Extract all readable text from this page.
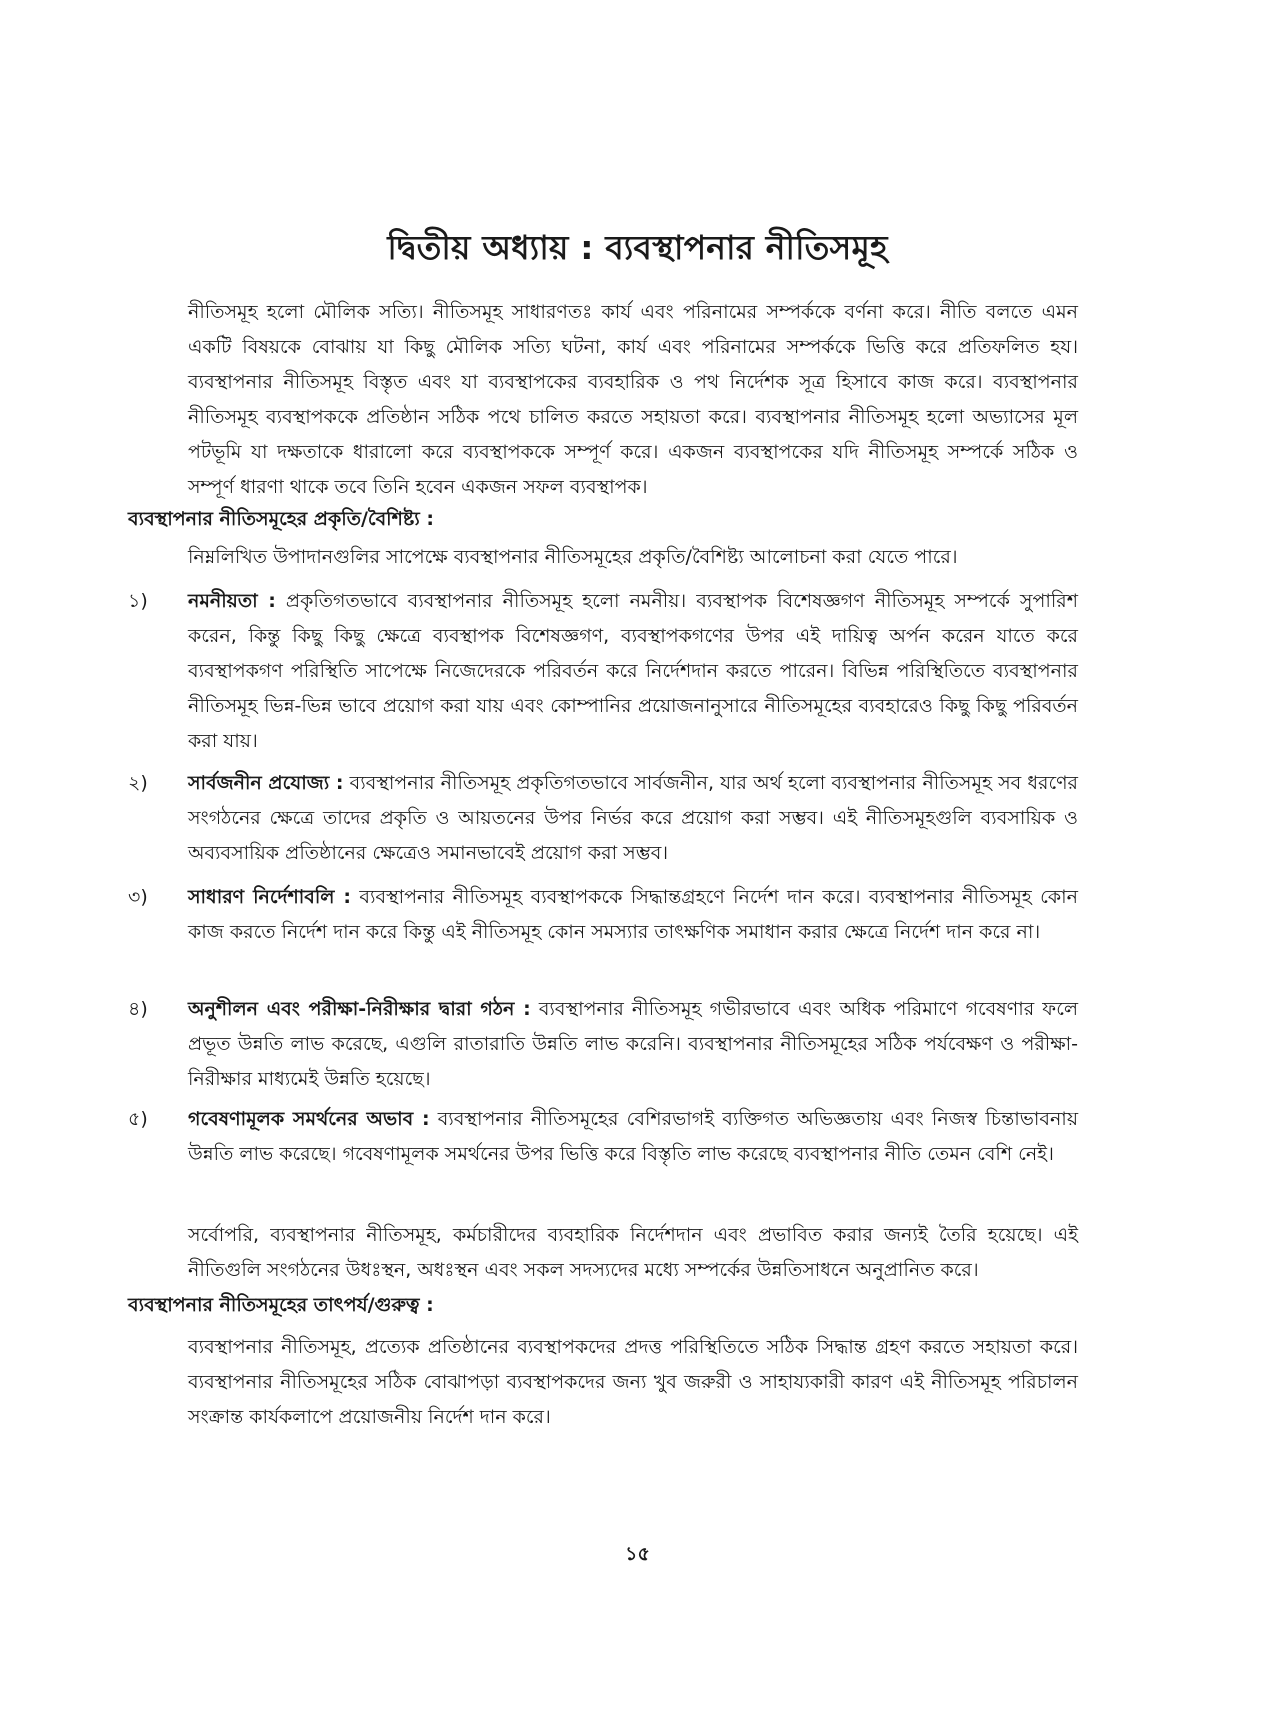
দ্বিতীয় অধ্যায় : ব্যবস্থাপনার নীতিসমূহ

নীতিসমূহ হলো মৌলিক সত্যি। নীতিসমূহ সাধারণতঃ কার্য এবং পরিনামের সম্পর্ককে বর্ণনা করে। নীতি বলতে এমন একটি বিষয়কে বোঝায় যা কিছু মৌলিক সত্যি ঘটনা, কার্য এবং পরিনামের সম্পর্ককে ভিত্তি করে প্রতিফলিত হয। ব্যবস্থাপনার নীতিসমূহ বিস্তৃত এবং যা ব্যবস্থাপকের ব্যবহারিক ও পথ নির্দেশক সূত্র হিসাবে কাজ করে। ব্যবস্থাপনার নীতিসমূহ ব্যবস্থাপককে প্রতিষ্ঠান সঠিক পথে চালিত করতে সহায়তা করে। ব্যবস্থাপনার নীতিসমূহ হলো অভ্যাসের মূল পটভূমি যা দক্ষতাকে ধারালো করে ব্যবস্থাপককে সম্পূর্ণ করে। একজন ব্যবস্থাপকের যদি নীতিসমূহ সম্পর্কে সঠিক ও সম্পূর্ণ ধারণা থাকে তবে তিনি হবেন একজন সফল ব্যবস্থাপক।

ব্যবস্থাপনার নীতিসমূহের প্রকৃতি/বৈশিষ্ট্য :

নিম্নলিখিত উপাদানগুলির সাপেক্ষে ব্যবস্থাপনার নীতিসমূহের প্রকৃতি/বৈশিষ্ট্য আলোচনা করা যেতে পারে।

১)	নমনীয়তা : প্রকৃতিগতভাবে ব্যবস্থাপনার নীতিসমূহ হলো নমনীয়। ব্যবস্থাপক বিশেষজ্ঞগণ নীতিসমূহ সম্পর্কে সুপারিশ করেন, কিন্তু কিছু কিছু ক্ষেত্রে ব্যবস্থাপক বিশেষজ্ঞগণ, ব্যবস্থাপকগণের উপর এই দায়িত্ব অর্পন করেন যাতে করে ব্যবস্থাপকগণ পরিস্থিতি সাপেক্ষে নিজেদেরকে পরিবর্তন করে নির্দেশদান করতে পারেন। বিভিন্ন পরিস্থিতিতে ব্যবস্থাপনার নীতিসমূহ ভিন্ন-ভিন্ন ভাবে প্রয়োগ করা যায় এবং কোম্পানির প্রয়োজনানুসারে নীতিসমূহের ব্যবহারেও কিছু কিছু পরিবর্তন করা যায়।

২)	সার্বজনীন প্রযোজ্য : ব্যবস্থাপনার নীতিসমূহ প্রকৃতিগতভাবে সার্বজনীন, যার অর্থ হলো ব্যবস্থাপনার নীতিসমূহ সব ধরণের সংগঠনের ক্ষেত্রে তাদের প্রকৃতি ও আয়তনের উপর নির্ভর করে প্রয়োগ করা সম্ভব। এই নীতিসমূহগুলি ব্যবসায়িক ও অব্যবসায়িক প্রতিষ্ঠানের ক্ষেত্রেও সমানভাবেই প্রয়োগ করা সম্ভব।

৩)	সাধারণ নির্দেশাবলি : ব্যবস্থাপনার নীতিসমূহ ব্যবস্থাপককে সিদ্ধান্তগ্রহণে নির্দেশ দান করে। ব্যবস্থাপনার নীতিসমূহ কোন কাজ করতে নির্দেশ দান করে কিন্তু এই নীতিসমূহ কোন সমস্যার তাৎক্ষণিক সমাধান করার ক্ষেত্রে নির্দেশ দান করে না।

৪)	অনুশীলন এবং পরীক্ষা-নিরীক্ষার দ্বারা গঠন : ব্যবস্থাপনার নীতিসমূহ গভীরভাবে এবং অধিক পরিমাণে গবেষণার ফলে প্রভূত উন্নতি লাভ করেছে, এগুলি রাতারাতি উন্নতি লাভ করেনি। ব্যবস্থাপনার নীতিসমূহের সঠিক পর্যবেক্ষণ ও পরীক্ষা-নিরীক্ষার মাধ্যমেই উন্নতি হয়েছে।

৫)	গবেষণামূলক সমর্থনের অভাব : ব্যবস্থাপনার নীতিসমূহের বেশিরভাগই ব্যক্তিগত অভিজ্ঞতায় এবং নিজস্ব চিন্তাভাবনায় উন্নতি লাভ করেছে। গবেষণামূলক সমর্থনের উপর ভিত্তি করে বিস্তৃতি লাভ করেছে ব্যবস্থাপনার নীতি তেমন বেশি নেই।

সর্বোপরি, ব্যবস্থাপনার নীতিসমূহ, কর্মচারীদের ব্যবহারিক নির্দেশদান এবং প্রভাবিত করার জন্যই তৈরি হয়েছে। এই নীতিগুলি সংগঠনের উধঃস্থন, অধঃস্থন এবং সকল সদস্যদের মধ্যে সম্পর্কের উন্নতিসাধনে অনুপ্রানিত করে।

ব্যবস্থাপনার নীতিসমূহের তাৎপর্য/গুরুত্ব :

ব্যবস্থাপনার নীতিসমূহ, প্রত্যেক প্রতিষ্ঠানের ব্যবস্থাপকদের প্রদত্ত পরিস্থিতিতে সঠিক সিদ্ধান্ত গ্রহণ করতে সহায়তা করে। ব্যবস্থাপনার নীতিসমূহের সঠিক বোঝাপড়া ব্যবস্থাপকদের জন্য খুব জরুরী ও সাহায্যকারী কারণ এই নীতিসমূহ পরিচালন সংক্রান্ত কার্যকলাপে প্রয়োজনীয় নির্দেশ দান করে।

১৫
